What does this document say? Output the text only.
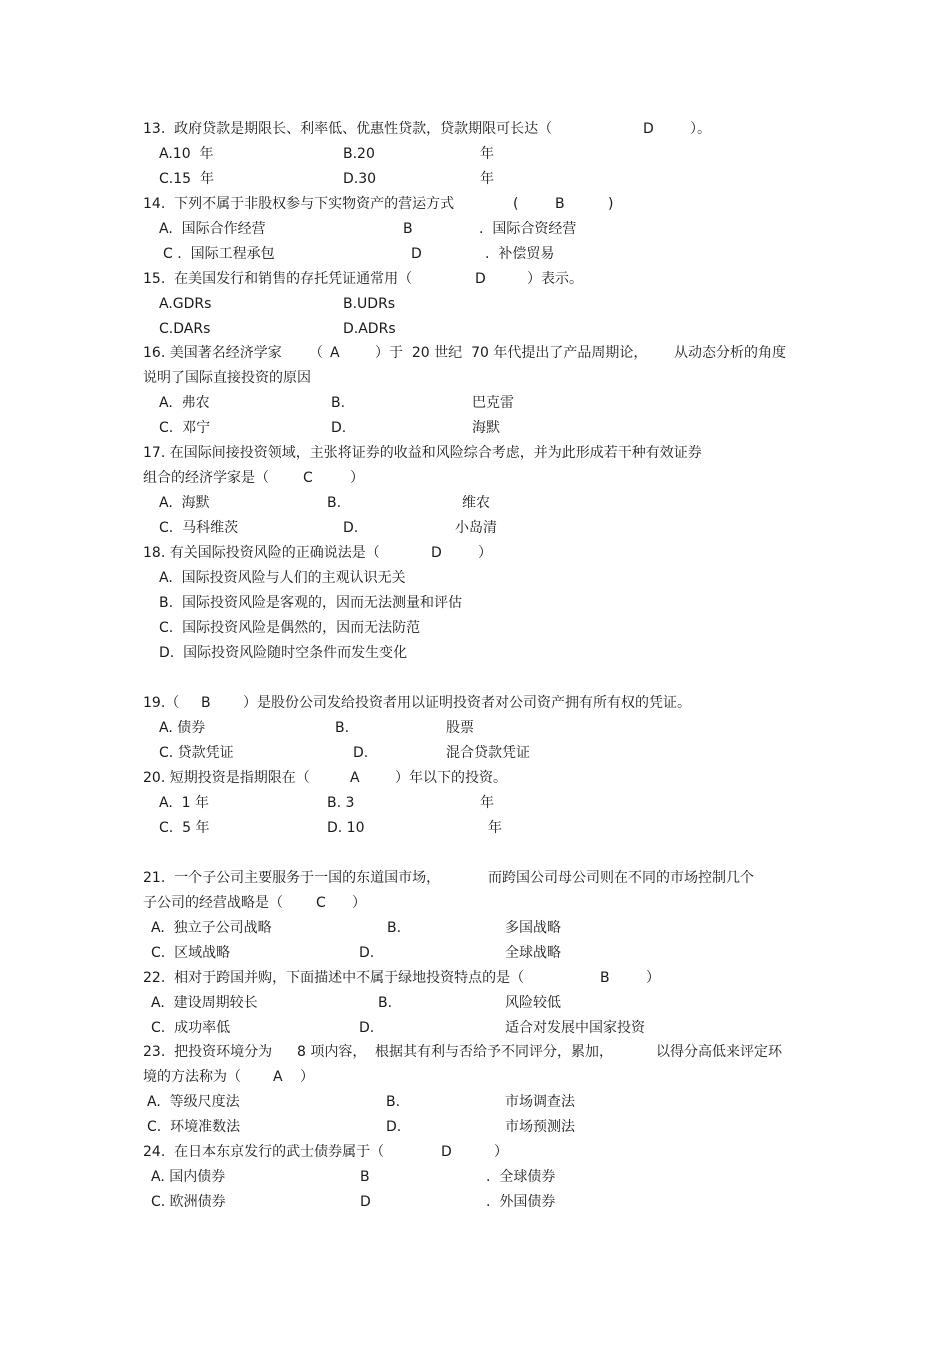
13.  政府贷款是期限长、利率低、优惠性贷款，贷款期限可长达（	D	）。
A.10  年	B.20	年
C.15  年	D.30	年
14.  下列不属于非股权参与下实物资产的营运方式	(	B	)
A.  国际合作经营	B	.  国际合资经营
C .  国际工程承包	D	.  补偿贸易
15.  在美国发行和销售的存托凭证通常用（	D	）表示。
A.GDRs	B.UDRs
C.DARs	D.ADRs
16. 美国著名经济学家 （ A	）于  20 世纪  70 年代提出了产品周期论， 从动态分析的角度
说明了国际直接投资的原因
A.  弗农	B.	巴克雷
C.  邓宁	D.	海默
17. 在国际间接投资领域，主张将证券的收益和风险综合考虑，并为此形成若干种有效证券
组合的经济学家是（ C	）
A.  海默	B.	维农
C.  马科维茨	D.	小岛清
18. 有关国际投资风险的正确说法是（	D	）
A.  国际投资风险与人们的主观认识无关
B.  国际投资风险是客观的，因而无法测量和评估
C.  国际投资风险是偶然的，因而无法防范
D.  国际投资风险随时空条件而发生变化
19.（ B ）是股份公司发给投资者用以证明投资者对公司资产拥有所有权的凭证。
A. 债券	B.	股票
C. 贷款凭证	D.	混合贷款凭证
20. 短期投资是指期限在（	A	）年以下的投资。
A.  1 年	B. 3	年
C.  5 年	D. 10	年
21.  一个子公司主要服务于一国的东道国市场，	而跨国公司母公司则在不同的市场控制几个
子公司的经营战略是（ C ）
A.  独立子公司战略	B.	多国战略
C.  区域战略	D.	全球战略
22.  相对于跨国并购，下面描述中不属于绿地投资特点的是（	B	）
A.  建设周期较长	B.	风险较低
C.  成功率低	D.	适合对发展中国家投资
23.  把投资环境分为 8 项内容， 根据其有利与否给予不同评分，累加，	以得分高低来评定环
境的方法称为（ A ）
A.  等级尺度法	B.	市场调查法
C.  环境准数法	D.	市场预测法
24.  在日本东京发行的武士债券属于（	D	）
A. 国内债券	B	.  全球债券
C. 欧洲债券	D	.  外国债券
